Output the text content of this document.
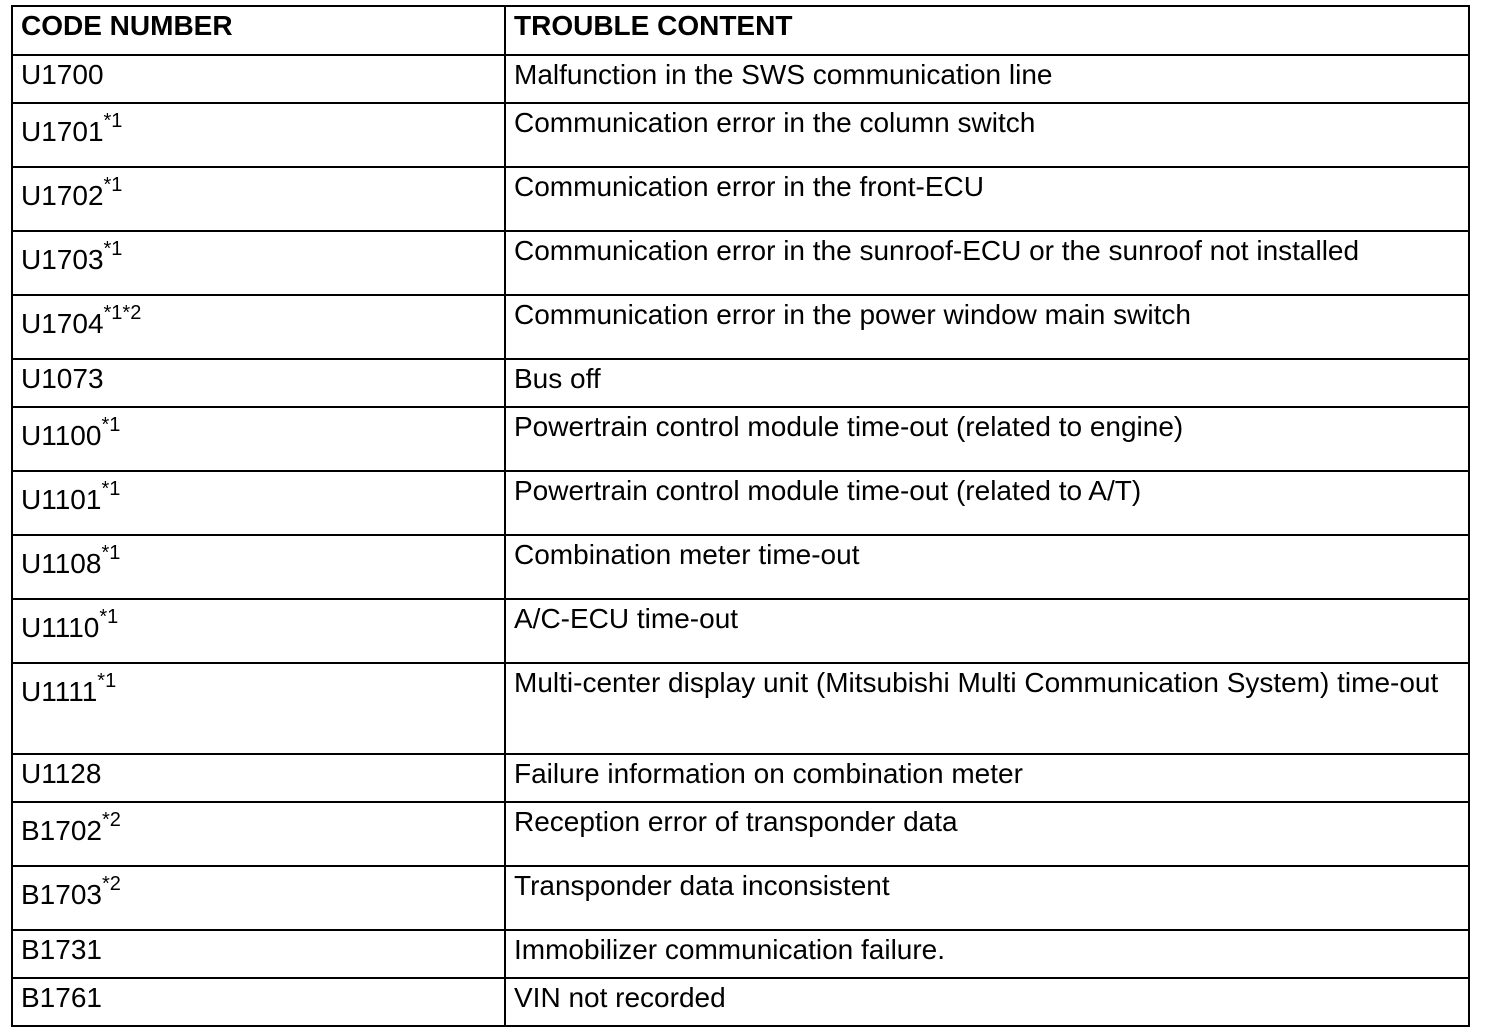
CODE NUMBER	TROUBLE CONTENT
U1700	Malfunction in the SWS communication line
U1701$^{*1}$	Communication error in the column switch
U1702$^{*1}$	Communication error in the front-ECU
U1703$^{*1}$	Communication error in the sunroof-ECU or the sunroof not installed
$U1704^{*1*2}$	Communication error in the power window main switch
U1073	Bus off
U1100$^{*1}$	Powertrain control module time-out (related to engine)
U1101$^{*1}$	Powertrain control module time-out (related to A/T)
U1108$^{*1}$	Combination meter time-out
U1110$^{*1}$	A/C-ECU time-out
U1111$^{*1}$	Multi-center display unit (Mitsubishi Multi Communication System) time-out
U1128	Failure information on combination meter
B1702$^{*2}$	Reception error of transponder data
B1703$^{*2}$	Transponder data inconsistent
B1731	Immobilizer communication failure.
B1761	VIN not recorded
